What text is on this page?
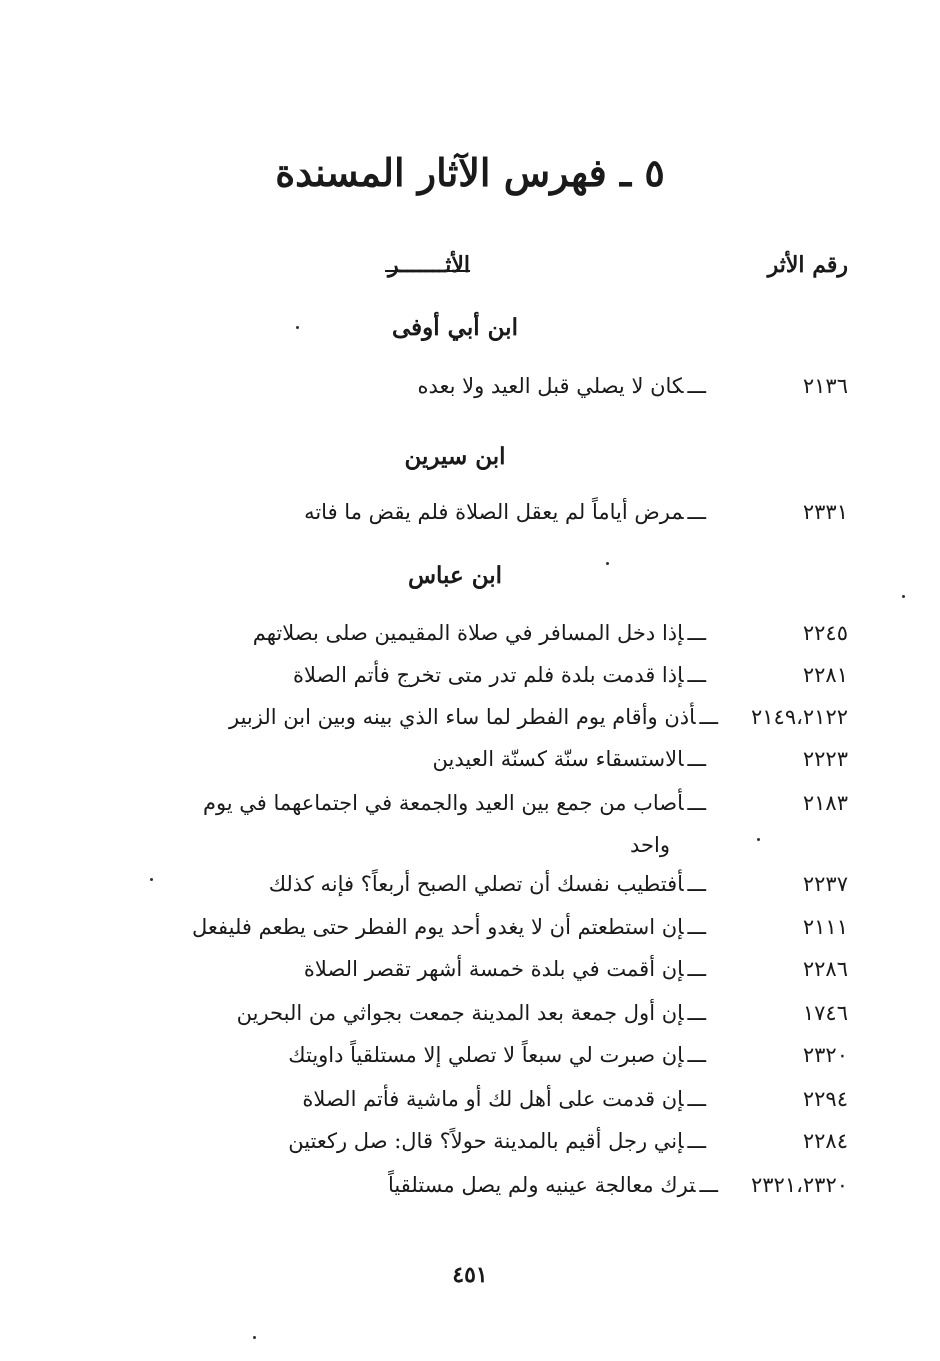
٥ ـ فهرس الآثار المسندة
رقم الأثر
الأثـــــــر
ابن أبي أوفى
٢١٣٦
ـــ كان لا يصلي قبل العيد ولا بعده
ابن سيرين
٢٣٣١
ـــ مرض أياماً لم يعقل الصلاة فلم يقض ما فاته
ابن عباس
٢٢٤٥
ـــ إذا دخل المسافر في صلاة المقيمين صلى بصلاتهم
٢٢٨١
ـــ إذا قدمت بلدة فلم تدر متى تخرج فأتم الصلاة
٢١٤٩،٢١٢٢
ـــ أذن وأقام يوم الفطر لما ساء الذي بينه وبين ابن الزبير
٢٢٢٣
ـــ الاستسقاء سنّة كسنّة العيدين
٢١٨٣
ـــ أصاب من جمع بين العيد والجمعة في اجتماعهما في يوم
واحد
٢٢٣٧
ـــ أفتطيب نفسك أن تصلي الصبح أربعاً؟ فإنه كذلك
٢١١١
ـــ إن استطعتم أن لا يغدو أحد يوم الفطر حتى يطعم فليفعل
٢٢٨٦
ـــ إن أقمت في بلدة خمسة أشهر تقصر الصلاة
١٧٤٦
ـــ إن أول جمعة بعد المدينة جمعت بجواثي من البحرين
٢٣٢٠
ـــ إن صبرت لي سبعاً لا تصلي إلا مستلقياً داويتك
٢٢٩٤
ـــ إن قدمت على أهل لك أو ماشية فأتم الصلاة
٢٢٨٤
ـــ إني رجل أقيم بالمدينة حولاً؟ قال: صل ركعتين
٢٣٢١،٢٣٢٠
ـــ ترك معالجة عينيه ولم يصل مستلقياً
٤٥١
